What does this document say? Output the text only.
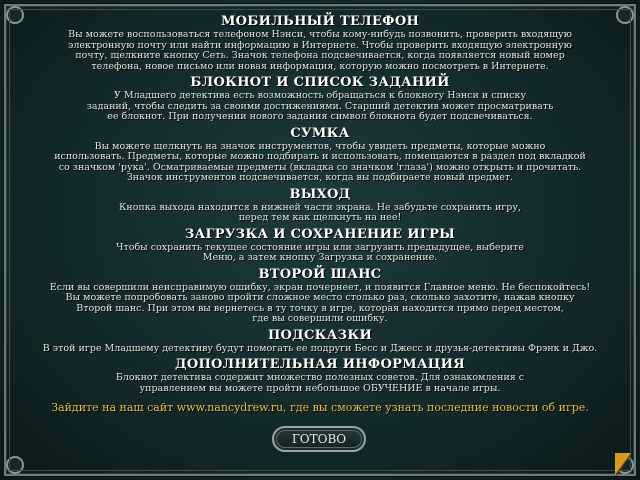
МОБИЛЬНЫЙ ТЕЛЕФОН

Вы можете воспользоваться телефоном Нэнси, чтобы кому-нибудь позвонить, проверить входящую
электронную почту или найти информацию в Интернете. Чтобы проверить входящую электронную
почту, щелкните кнопку Сеть. Значок телефона подсвечивается, когда появляется новый номер
телефона, новое письмо или новая информация, которую можно посмотреть в Интернете.

БЛОКНОТ И СПИСОК ЗАДАНИЙ

У Младшего детектива есть возможность обращаться к блокноту Нэнси и списку
заданий, чтобы следить за своими достижениями. Старший детектив может просматривать
ее блокнот. При получении нового задания символ блокнота будет подсвечиваться.

СУМКА

Вы можете щелкнуть на значок инструментов, чтобы увидеть предметы, которые можно
использовать. Предметы, которые можно подбирать и использовать, помещаются в раздел под вкладкой
со значком 'рука'. Осматриваемые предметы (вкладка со значком 'глаза') можно открыть и прочитать.
Значок инструментов подсвечивается, когда вы подбираете новый предмет.

ВЫХОД

Кнопка выхода находится в нижней части экрана. Не забудьте сохранить игру,
перед тем как щелкнуть на нее!

ЗАГРУЗКА И СОХРАНЕНИЕ ИГРЫ

Чтобы сохранить текущее состояние игры или загрузить предыдущее, выберите
Меню, а затем кнопку Загрузка и сохранение.

ВТОРОЙ ШАНС

Если вы совершили неисправимую ошибку, экран почернеет, и появится Главное меню. Не беспокойтесь!
Вы можете попробовать заново пройти сложное место столько раз, сколько захотите, нажав кнопку
Второй шанс. При этом вы вернетесь в ту точку в игре, которая находится прямо перед местом,
где вы совершили ошибку.

ПОДСКАЗКИ

В этой игре Младшему детективу будут помогать ее подруги Бесс и Джесс и друзья-детективы Фрэнк и Джо.

ДОПОЛНИТЕЛЬНАЯ ИНФОРМАЦИЯ

Блокнот детектива содержит множество полезных советов. Для ознакомления с
управлением вы можете пройти небольшое ОБУЧЕНИЕ в начале игры.

Зайдите на наш сайт www.nancydrew.ru, где вы сможете узнать последние новости об игре.
ГОТОВО
